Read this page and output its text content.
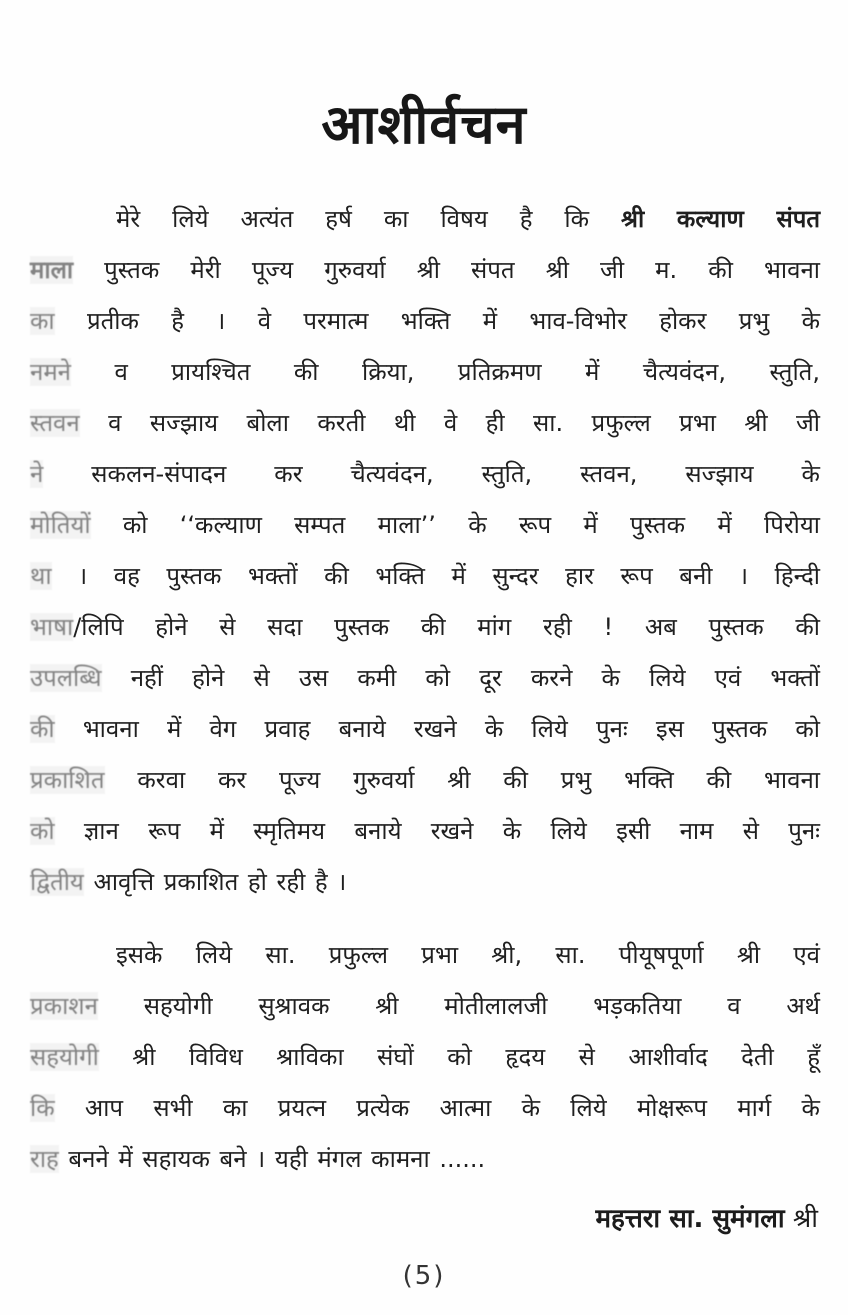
आशीर्वचन
मेरे लिये अत्यंत हर्ष का विषय है कि श्री कल्याण संपत
माला पुस्तक मेरी पूज्य गुरुवर्या श्री संपत श्री जी म. की भावना
का प्रतीक है । वे परमात्म भक्ति में भाव-विभोर होकर प्रभु के
नमने व प्रायश्चित की क्रिया, प्रतिक्रमण में चैत्यवंदन, स्तुति,
स्तवन व सज्झाय बोला करती थी वे ही सा. प्रफुल्ल प्रभा श्री जी
ने सकलन-संपादन कर चैत्यवंदन, स्तुति, स्तवन, सज्झाय के
मोतियों को ‘‘कल्याण सम्पत माला’’ के रूप में पुस्तक में पिरोया
था । वह पुस्तक भक्तों की भक्ति में सुन्दर हार रूप बनी । हिन्दी
भाषा/लिपि होने से सदा पुस्तक की मांग रही ! अब पुस्तक की
उपलब्धि नहीं होने से उस कमी को दूर करने के लिये एवं भक्तों
की भावना में वेग प्रवाह बनाये रखने के लिये पुनः इस पुस्तक को
प्रकाशित करवा कर पूज्य गुरुवर्या श्री की प्रभु भक्ति की भावना
को ज्ञान रूप में स्मृतिमय बनाये रखने के लिये इसी नाम से पुनः
द्वितीय आवृत्ति प्रकाशित हो रही है ।
इसके लिये सा. प्रफुल्ल प्रभा श्री, सा. पीयूषपूर्णा श्री एवं
प्रकाशन सहयोगी सुश्रावक श्री मोतीलालजी भड़कतिया व अर्थ
सहयोगी श्री विविध श्राविका संघों को हृदय से आशीर्वाद देती हूँ
कि आप सभी का प्रयत्न प्रत्येक आत्मा के लिये मोक्षरूप मार्ग के
राह बनने में सहायक बने । यही मंगल कामना ......
महत्तरा सा. सुमंगला श्री
(5)
